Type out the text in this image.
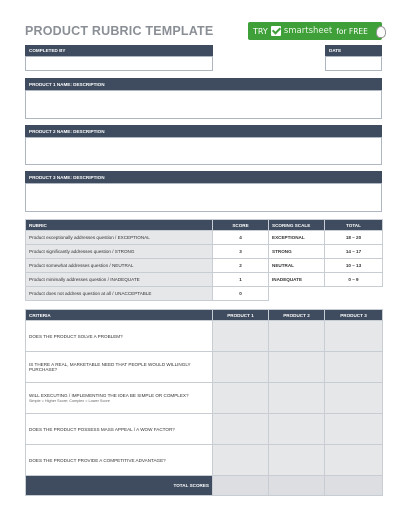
PRODUCT RUBRIC TEMPLATE	TRY smartsheet for FREE
COMPLETED BY	DATE
PRODUCT 1 NAME: DESCRIPTION
PRODUCT 2 NAME: DESCRIPTION
PRODUCT 3 NAME: DESCRIPTION
RUBRIC	SCORE	SCORING SCALE	TOTAL
Product exceptionally addresses question / EXCEPTIONAL	4	EXCEPTIONAL	18 – 20
Product significantly addresses question / STRONG	3	STRONG	14 – 17
Product somewhat addresses question / NEUTRAL	2	NEUTRAL	10 – 13
Product minimally addresses question / INADEQUATE	1	INADEQUATE	0 – 9
Product does not address question at all / UNACCEPTABLE	0		
CRITERIA	PRODUCT 1	PRODUCT 2	PRODUCT 3
DOES THE PRODUCT SOLVE A PROBLEM?			
IS THERE A REAL, MARKETABLE NEED THAT PEOPLE WOULD WILLINGLY PURCHASE?			
WILL EXECUTING / IMPLEMENTING THE IDEA BE SIMPLE OR COMPLEX?
Simple = Higher Score; Complex = Lower Score			

DOES THE PRODUCT POSSESS MASS APPEAL / A WOW FACTOR?			
DOES THE PRODUCT PROVIDE A COMPETITIVE ADVANTAGE?			
TOTAL SCORES			
